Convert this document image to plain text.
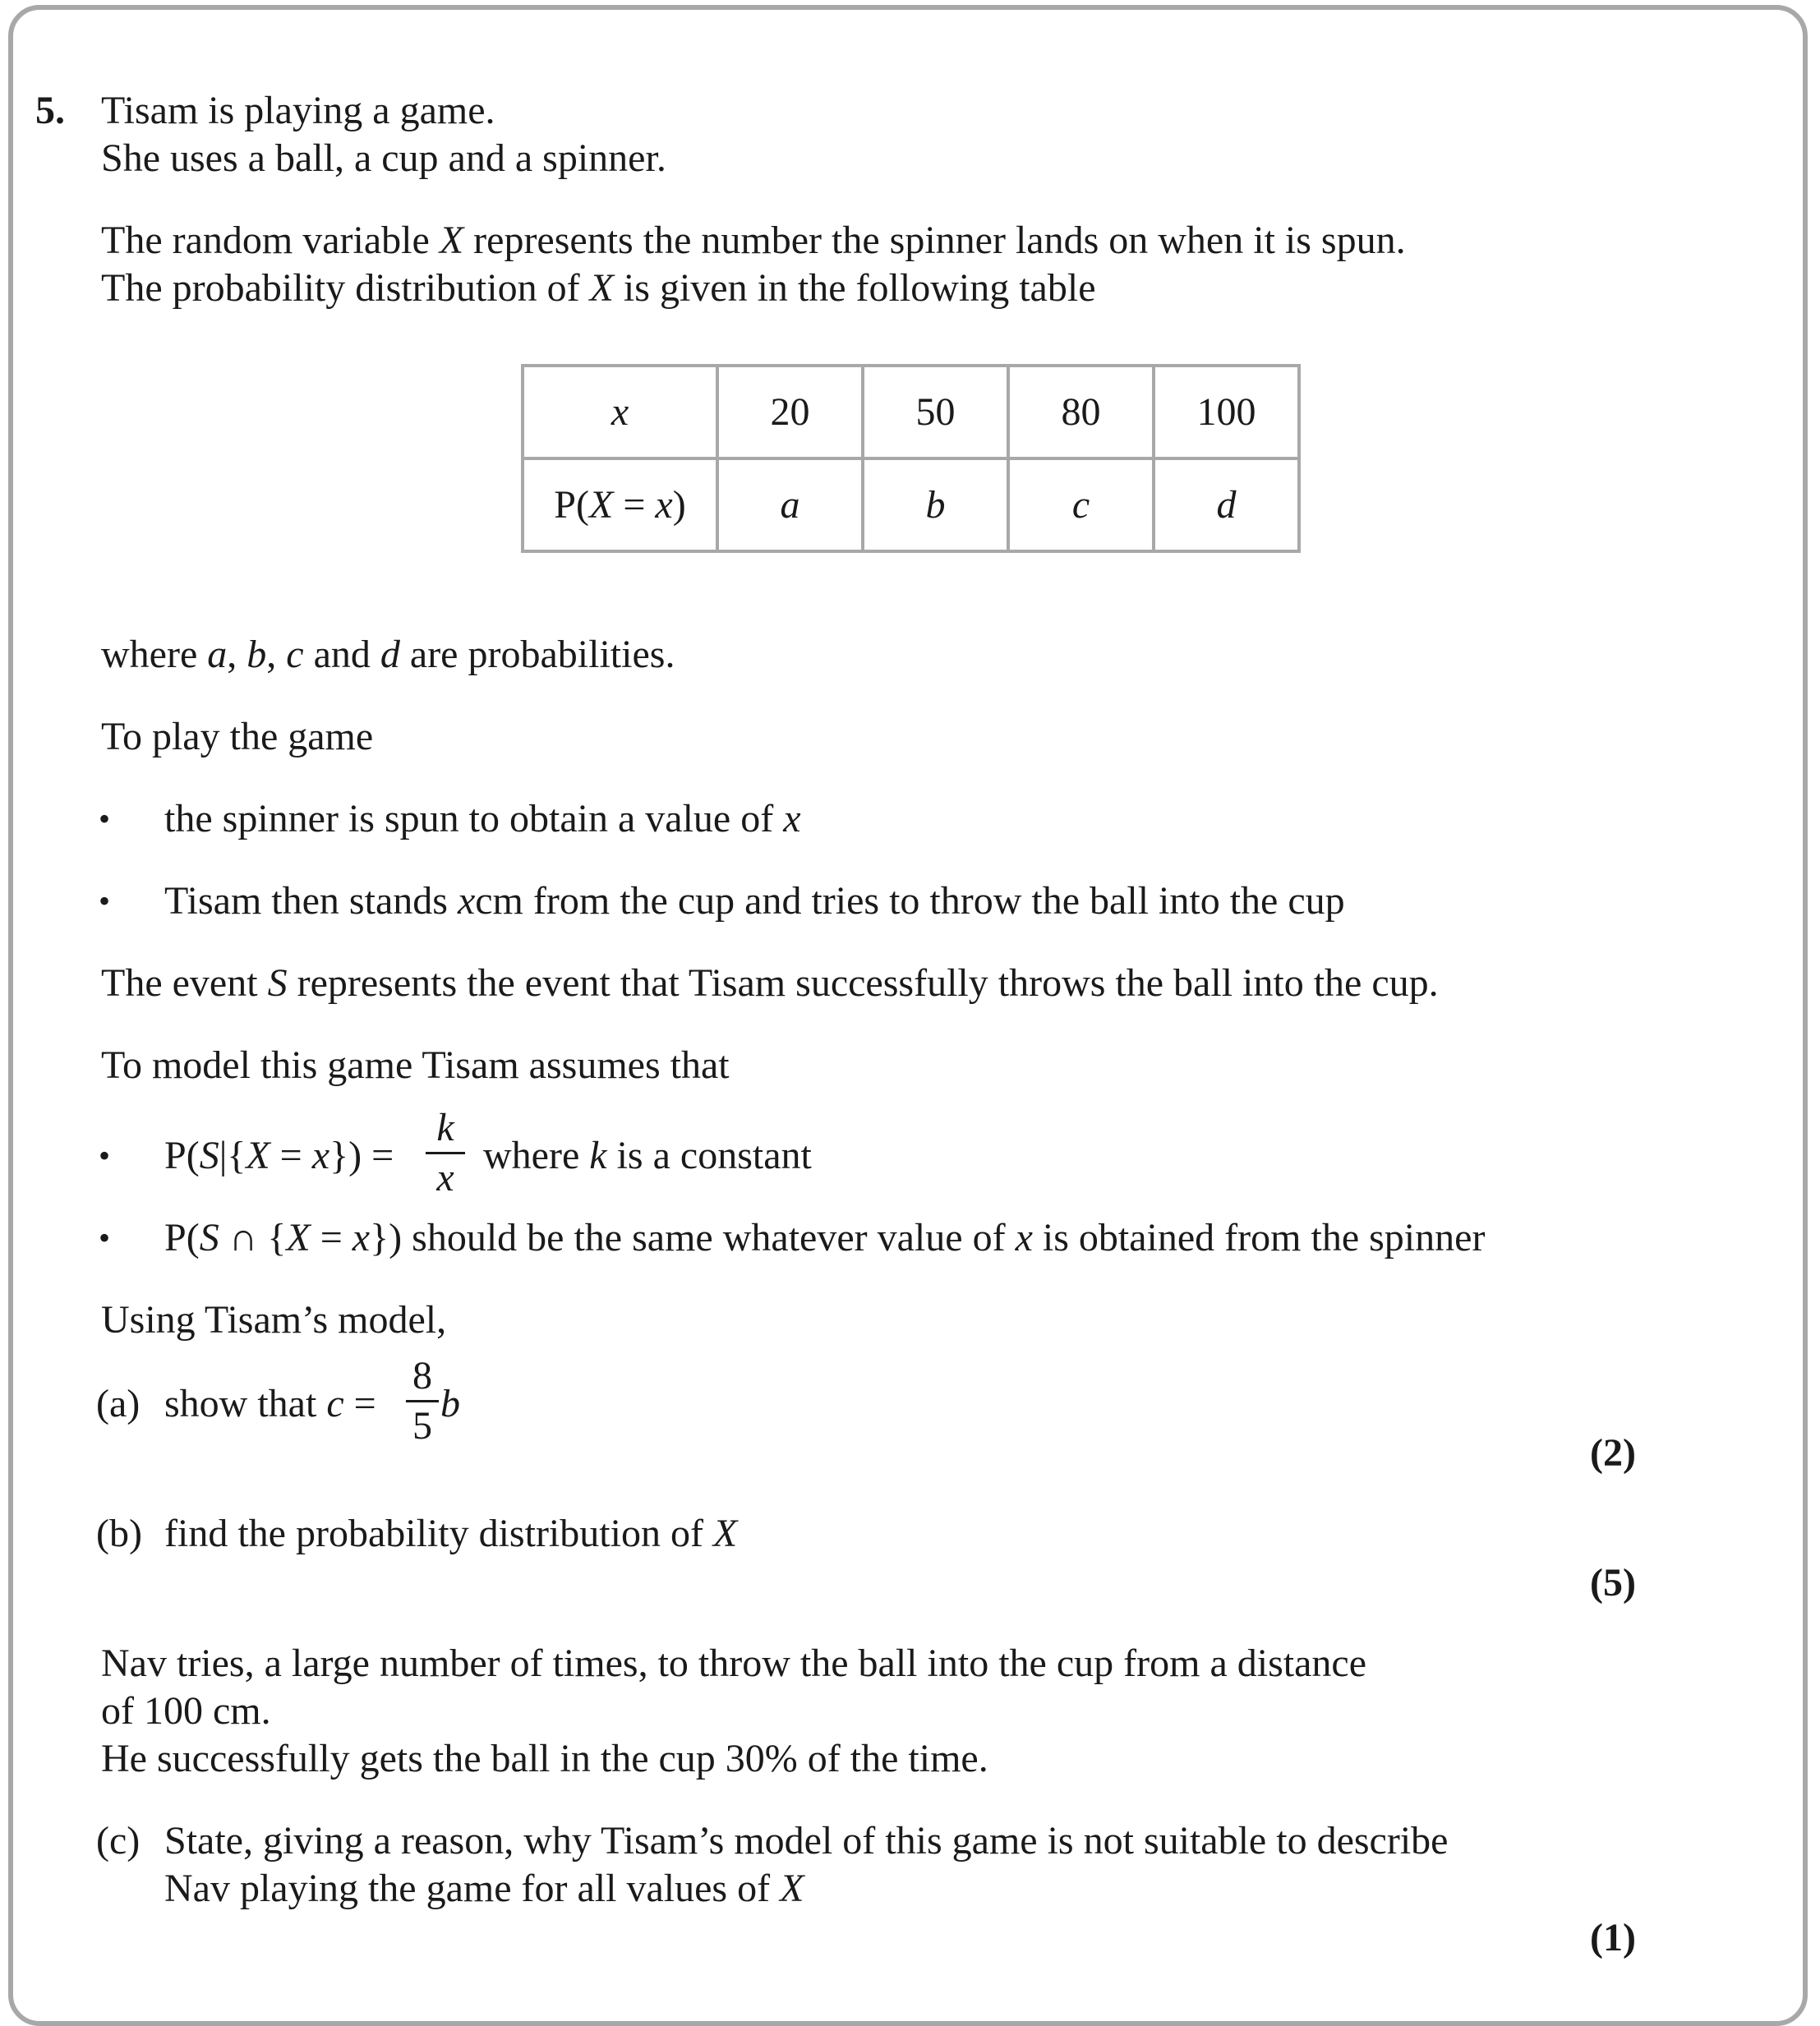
5. Tisam is playing a game.
She uses a ball, a cup and a spinner.
The random variable X represents the number the spinner lands on when it is spun.
The probability distribution of X is given in the following table
x	20	50	80	100
P(X = x)	a	b	c	d
where a, b, c and d are probabilities.
To play the game
• the spinner is spun to obtain a value of x
• Tisam then stands xcm from the cup and tries to throw the ball into the cup
The event S represents the event that Tisam successfully throws the ball into the cup.
To model this game Tisam assumes that
• P(S|{X = x}) =
k
x
where k is a constant
• P(S ∩ {X = x}) should be the same whatever value of x is obtained from the spinner
Using Tisam’s model,
(a) show that c =
8
5
b
(2)
(b) find the probability distribution of X
(5)
Nav tries, a large number of times, to throw the ball into the cup from a distance
of 100 cm.
He successfully gets the ball in the cup 30% of the time.
(c) State, giving a reason, why Tisam’s model of this game is not suitable to describe
Nav playing the game for all values of X
(1)
